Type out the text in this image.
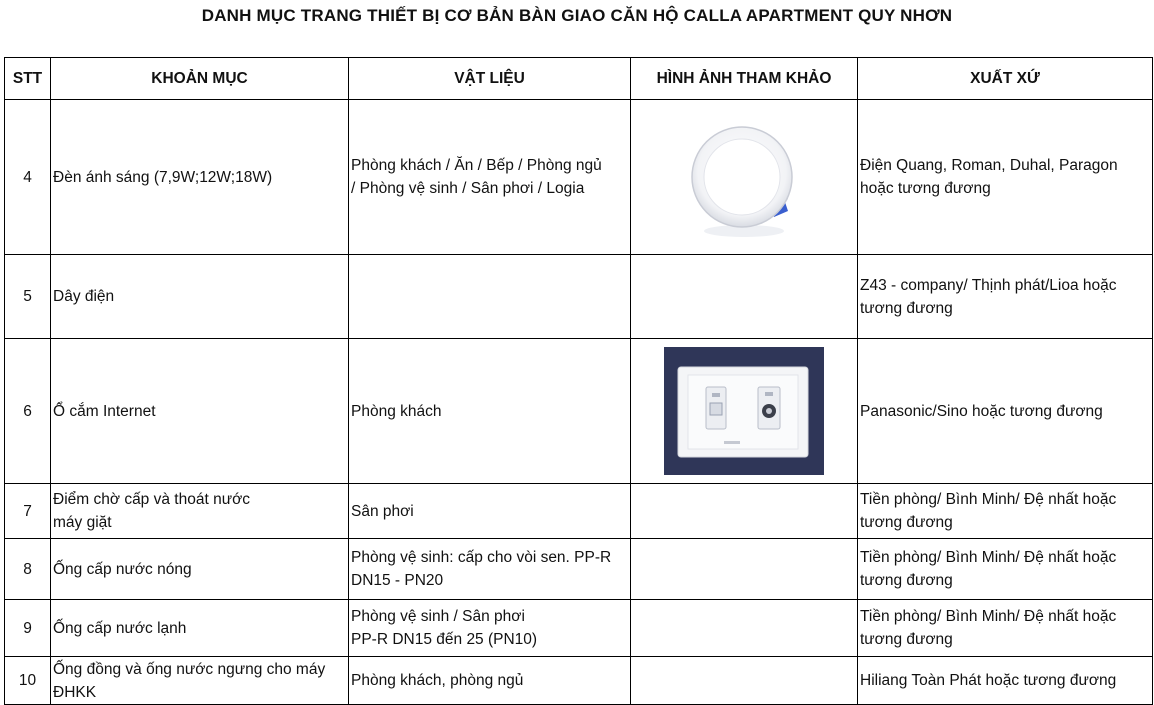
DANH MỤC TRANG THIẾT BỊ CƠ BẢN BÀN GIAO CĂN HỘ CALLA APARTMENT QUY NHƠN
STT	KHOẢN MỤC	VẬT LIỆU	HÌNH ẢNH THAM KHẢO	XUẤT XỨ
4	Đèn ánh sáng (7,9W;12W;18W)	Phòng khách / Ăn / Bếp / Phòng ngủ
/ Phòng vệ sinh / Sân phơi / Logia		Điện Quang, Roman, Duhal, Paragon
hoặc tương đương

5	Dây điện			Z43 - company/ Thịnh phát/Lioa hoặc
tương đương

6	Ổ cắm Internet	Phòng khách		Panasonic/Sino hoặc tương đương

7	Điểm chờ cấp và thoát nước
máy giặt	Sân phơi		Tiền phòng/ Bình Minh/ Đệ nhất hoặc
tương đương

8	Ống cấp nước nóng	Phòng vệ sinh: cấp cho vòi sen. PP-R
DN15 - PN20		Tiền phòng/ Bình Minh/ Đệ nhất hoặc
tương đương

9	Ống cấp nước lạnh	Phòng vệ sinh / Sân phơi
PP-R DN15 đến 25 (PN10)		Tiền phòng/ Bình Minh/ Đệ nhất hoặc
tương đương

10	Ống đồng và ống nước ngưng cho máy
ĐHKK	Phòng khách, phòng ngủ		Hiliang Toàn Phát hoặc tương đương
